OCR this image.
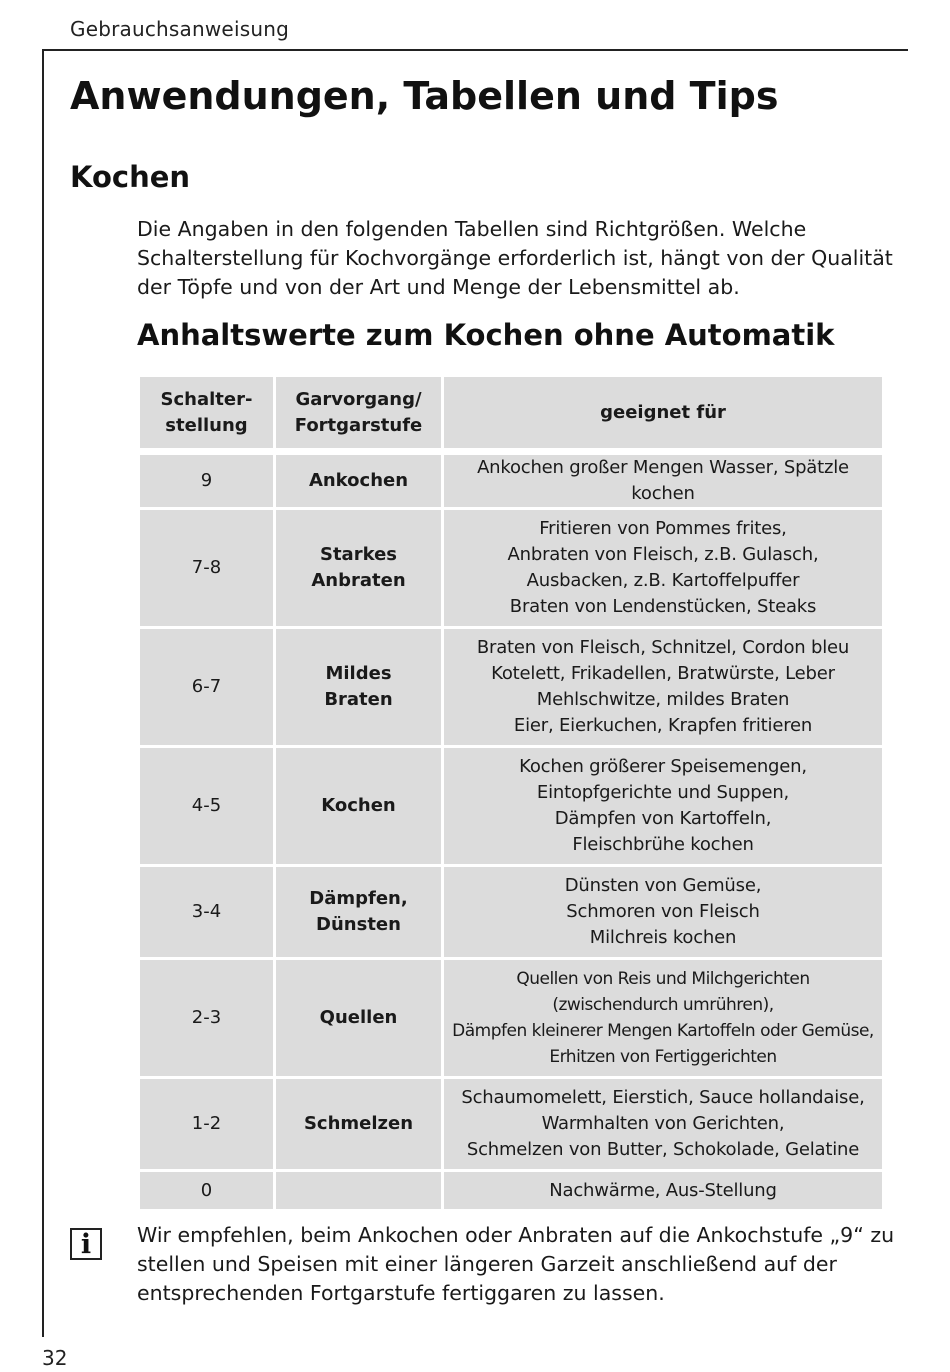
Gebrauchsanweisung
Anwendungen, Tabellen und Tips
Kochen

Die Angaben in den folgenden Tabellen sind Richtgrößen. Welche Schalterstellung für Kochvorgänge erforderlich ist, hängt von der Qualität der Töpfe und von der Art und Menge der Lebensmittel ab.

Anhaltswerte zum Kochen ohne Automatik
Schalter-
stellung	Garvorgang/
Fortgarstufe	geeignet für

9	Ankochen	Ankochen großer Mengen Wasser, Spätzle kochen

7-8	Starkes
Anbraten	Fritieren von Pommes frites,
Anbraten von Fleisch, z.B. Gulasch,
Ausbacken, z.B. Kartoffelpuffer
Braten von Lendenstücken, Steaks

6-7	Mildes
Braten	Braten von Fleisch, Schnitzel, Cordon bleu
Kotelett, Frikadellen, Bratwürste, Leber
Mehlschwitze, mildes Braten
Eier, Eierkuchen, Krapfen fritieren

4-5	Kochen	Kochen größerer Speisemengen,
Eintopfgerichte und Suppen,
Dämpfen von Kartoffeln,
Fleischbrühe kochen

3-4	Dämpfen,
Dünsten	Dünsten von Gemüse,
Schmoren von Fleisch
Milchreis kochen

2-3	Quellen	Quellen von Reis und Milchgerichten
(zwischendurch umrühren),
Dämpfen kleinerer Mengen Kartoffeln oder Gemüse,
Erhitzen von Fertiggerichten

1-2	Schmelzen	Schaumomelett, Eierstich, Sauce hollandaise,
Warmhalten von Gerichten,
Schmelzen von Butter, Schokolade, Gelatine

0		Nachwärme, Aus-Stellung
i	Wir empfehlen, beim Ankochen oder Anbraten auf die Ankochstufe „9“ zu stellen und Speisen mit einer längeren Garzeit anschließend auf der entsprechenden Fortgarstufe fertiggaren zu lassen.

32
